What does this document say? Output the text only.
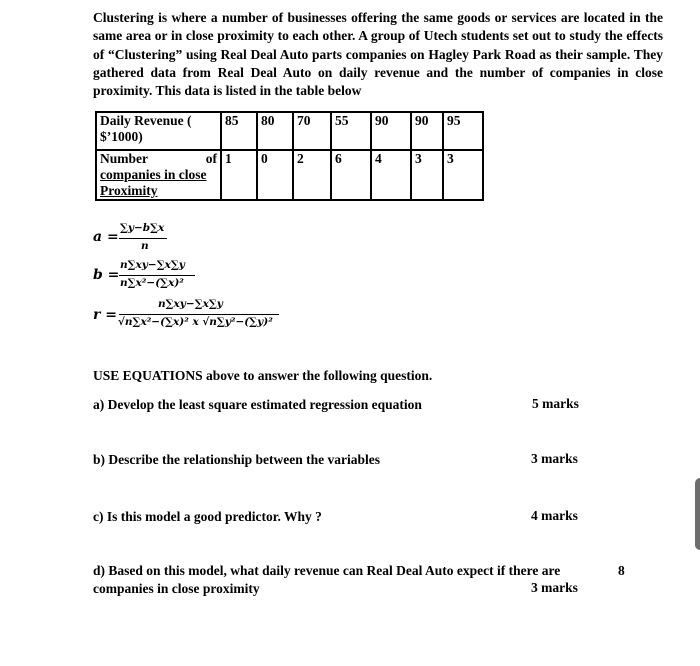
Clustering is where a number of businesses offering the same goods or services are located in the same area or in close proximity to each other. A group of Utech students set out to study the effects of “Clustering” using Real Deal Auto parts companies on Hagley Park Road as their sample. They gathered data from Real Deal Auto on daily revenue and the number of companies in close proximity. This data is listed in the table below
Daily Revenue ( $’1000)	85	80	70	55	90	90	95

Number of
companies in close Proximity	1	0	2	6	4	3	3
a =
∑y−b∑x
n
b =
n∑xy−∑x∑y
n∑x²−(∑x)²
r =
n∑xy−∑x∑y
√n∑x²−(∑x)² x √n∑y²−(∑y)²
USE EQUATIONS above to answer the following question.
a) Develop the least square estimated regression equation	5 marks
b) Describe the relationship between the variables	3 marks
c) Is this model a good predictor. Why ?	4 marks
d) Based on this model, what daily revenue can Real Deal Auto expect if there are	8
companies in close proximity	3 marks
